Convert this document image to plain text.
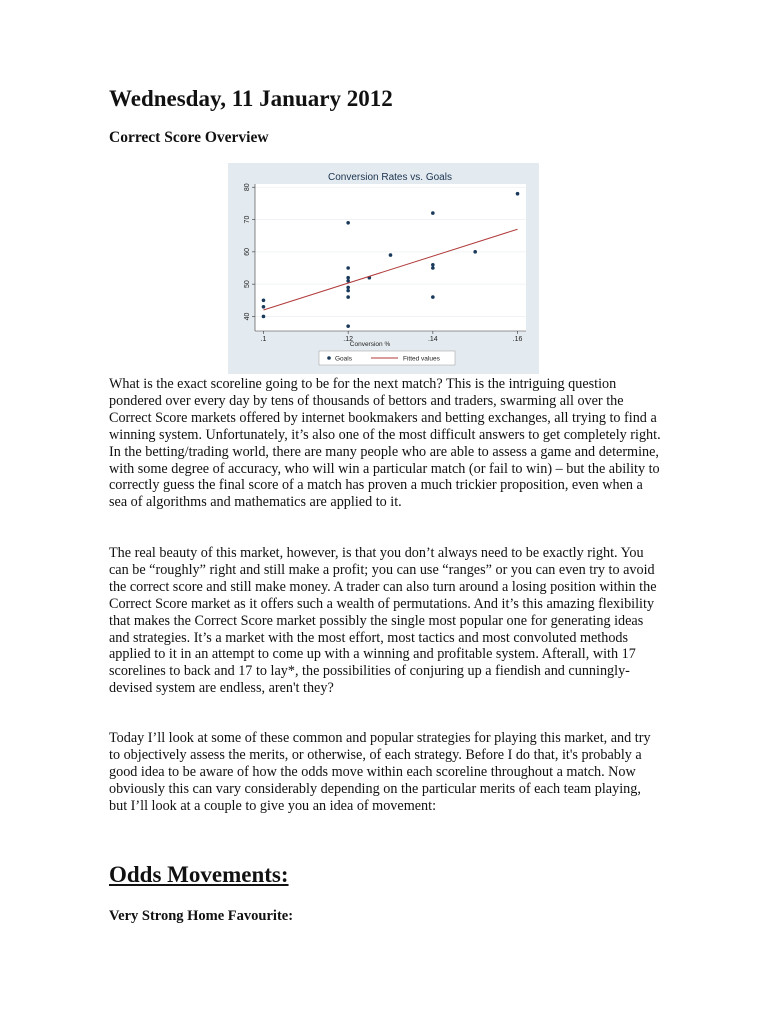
Wednesday, 11 January 2012
Correct Score Overview
Conversion Rates vs. Goals
40
50
60
70
80
.1	.12	.14	.16
Conversion %
Goals	Fitted values

What is the exact scoreline going to be for the next match? This is the intriguing question pondered over every day by tens of thousands of bettors and traders, swarming all over the Correct Score markets offered by internet bookmakers and betting exchanges, all trying to find a winning system. Unfortunately, it’s also one of the most difficult answers to get completely right. In the betting/trading world, there are many people who are able to assess a game and determine, with some degree of accuracy, who will win a particular match (or fail to win) – but the ability to correctly guess the final score of a match has proven a much trickier proposition, even when a sea of algorithms and mathematics are applied to it.

The real beauty of this market, however, is that you don’t always need to be exactly right. You can be “roughly” right and still make a profit; you can use “ranges” or you can even try to avoid the correct score and still make money. A trader can also turn around a losing position within the Correct Score market as it offers such a wealth of permutations. And it’s this amazing flexibility that makes the Correct Score market possibly the single most popular one for generating ideas and strategies. It’s a market with the most effort, most tactics and most convoluted methods applied to it in an attempt to come up with a winning and profitable system. Afterall, with 17 scorelines to back and 17 to lay*, the possibilities of conjuring up a fiendish and cunningly-devised system are endless, aren't they?

Today I’ll look at some of these common and popular strategies for playing this market, and try to objectively assess the merits, or otherwise, of each strategy. Before I do that, it's probably a good idea to be aware of how the odds move within each scoreline throughout a match. Now obviously this can vary considerably depending on the particular merits of each team playing, but I’ll look at a couple to give you an idea of movement:

Odds Movements:
Very Strong Home Favourite:
